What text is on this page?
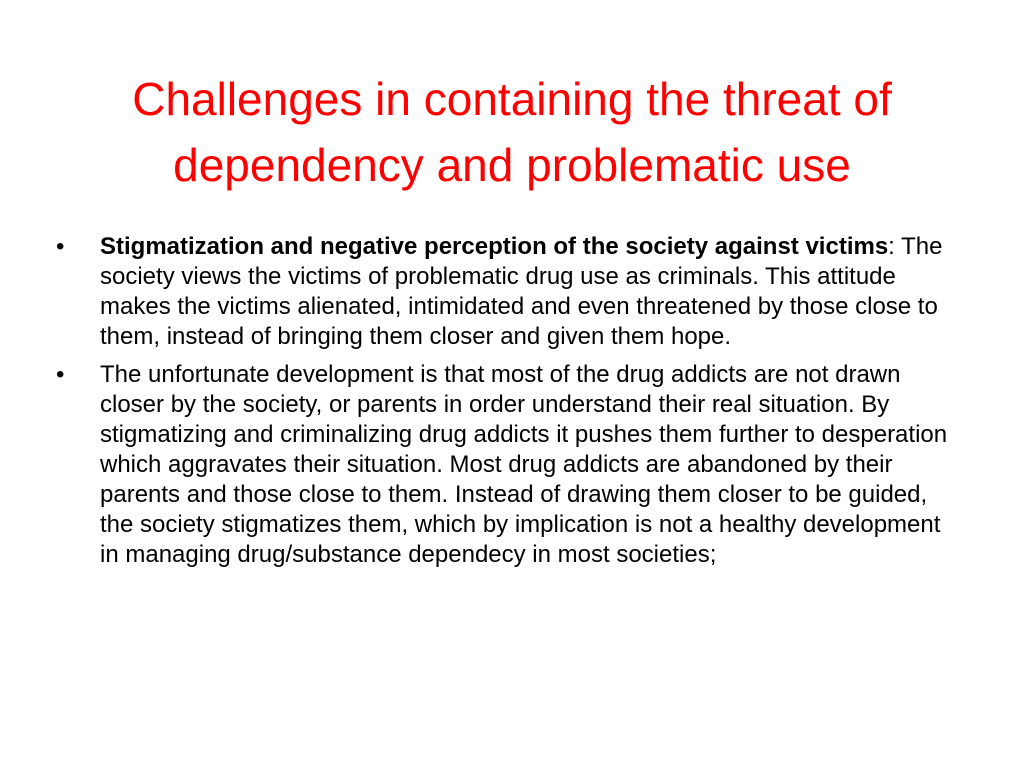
Challenges in containing the threat of
dependency and problematic use
•	Stigmatization and negative perception of the society against victims: The society views the victims of problematic drug use as criminals. This attitude makes the victims alienated, intimidated and even threatened by those close to them, instead of bringing them closer and given them hope.
•	The unfortunate development is that most of the drug addicts are not drawn closer by the society, or parents in order understand their real situation. By stigmatizing and criminalizing drug addicts it pushes them further to desperation which aggravates their situation. Most drug addicts are abandoned by their parents and those close to them. Instead of drawing them closer to be guided, the society stigmatizes them, which by implication is not a healthy development in managing drug/substance dependecy in most societies;
